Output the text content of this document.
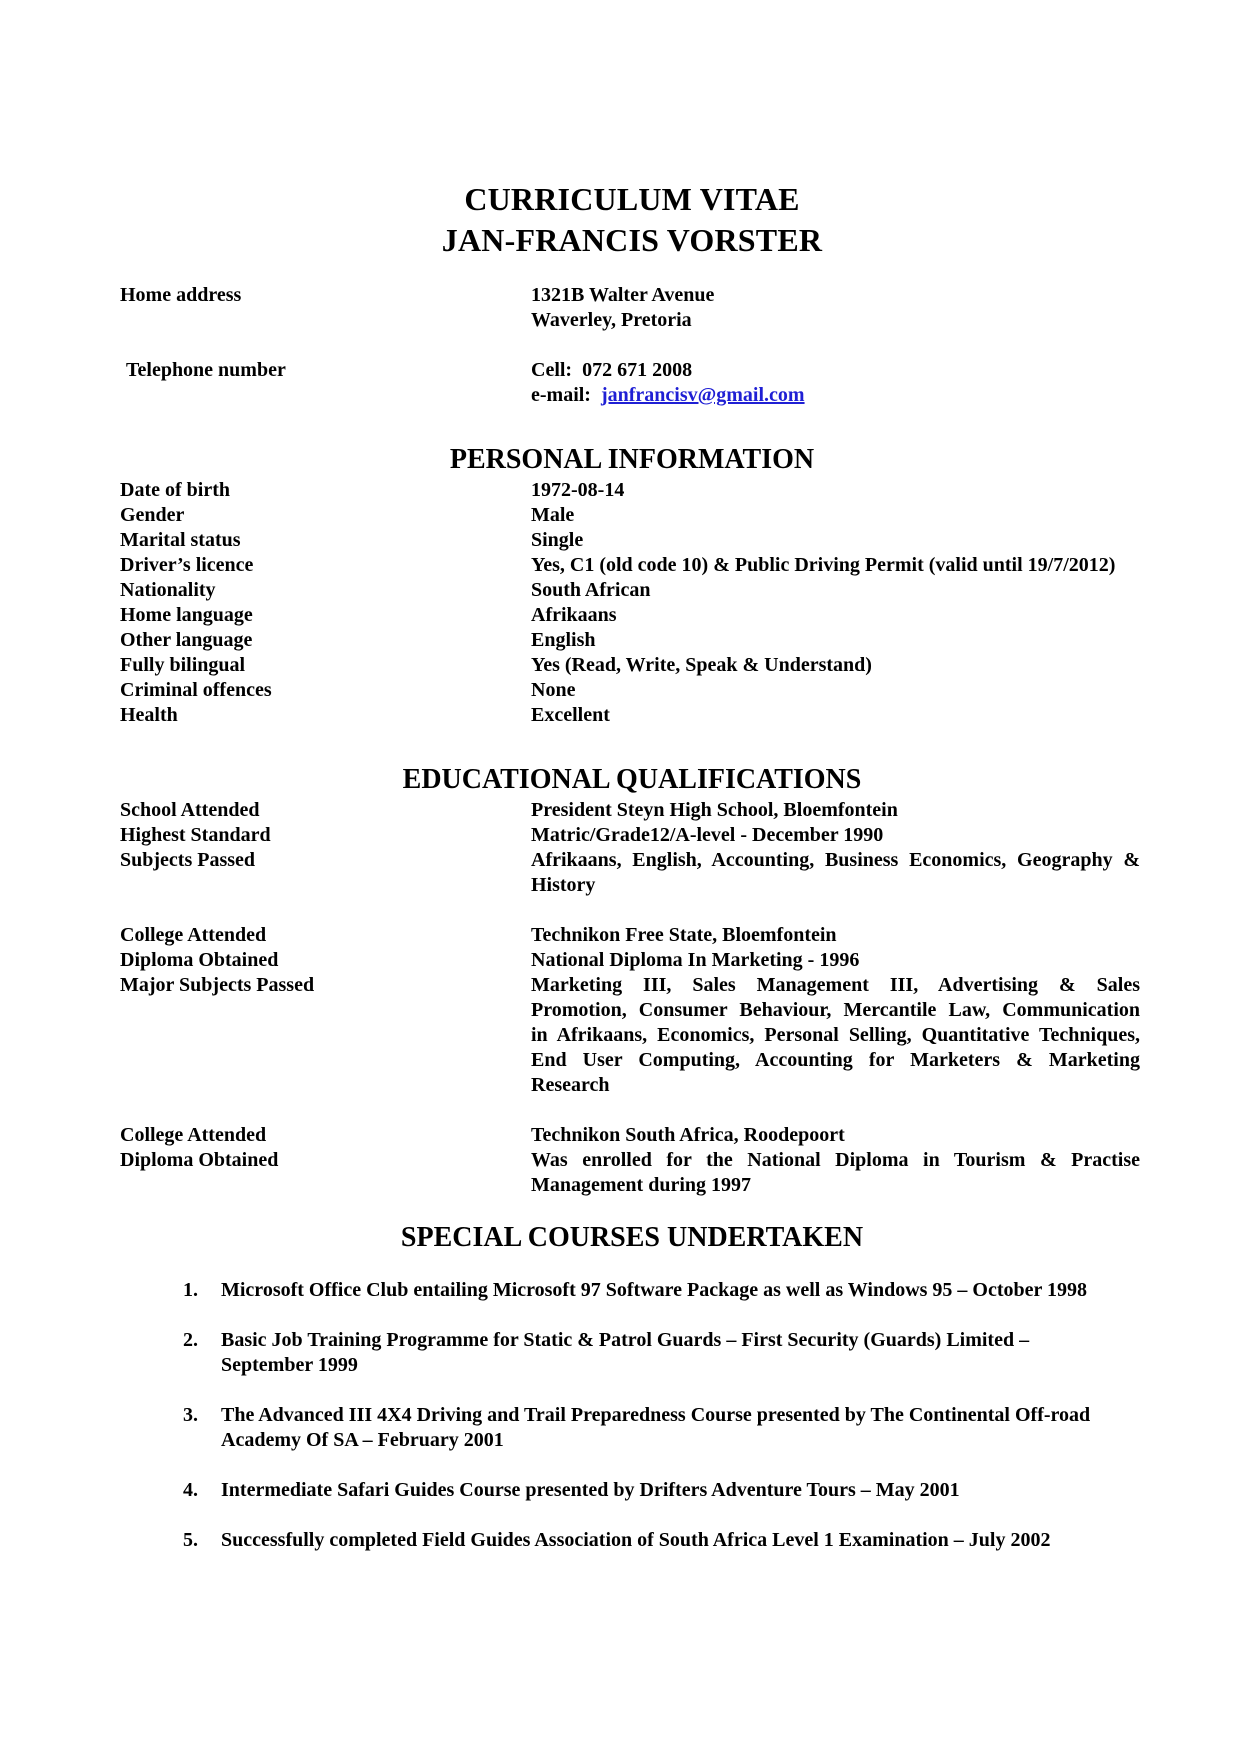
CURRICULUM VITAE
JAN-FRANCIS VORSTER
Home address	1321B Walter Avenue
Waverley, Pretoria
Telephone number	Cell: 072 671 2008
e-mail: janfrancisv@gmail.com
PERSONAL INFORMATION
Date of birth	1972-08-14
Gender	Male
Marital status	Single
Driver’s licence	Yes, C1 (old code 10) & Public Driving Permit (valid until 19/7/2012)
Nationality	South African
Home language	Afrikaans
Other language	English
Fully bilingual	Yes (Read, Write, Speak & Understand)
Criminal offences	None
Health	Excellent
EDUCATIONAL QUALIFICATIONS
School Attended	President Steyn High School, Bloemfontein
Highest Standard	Matric/Grade12/A-level - December 1990
Subjects Passed	Afrikaans, English, Accounting, Business Economics, Geography &
History
College Attended	Technikon Free State, Bloemfontein
Diploma Obtained	National Diploma In Marketing - 1996
Major Subjects Passed	Marketing III, Sales Management III, Advertising & Sales
Promotion, Consumer Behaviour, Mercantile Law, Communication
in Afrikaans, Economics, Personal Selling, Quantitative Techniques,
End User Computing, Accounting for Marketers & Marketing
Research
College Attended	Technikon South Africa, Roodepoort
Diploma Obtained	Was enrolled for the National Diploma in Tourism & Practise
Management during 1997
SPECIAL COURSES UNDERTAKEN
1. Microsoft Office Club entailing Microsoft 97 Software Package as well as Windows 95 – October 1998
2. Basic Job Training Programme for Static & Patrol Guards – First Security (Guards) Limited –
September 1999
3. The Advanced III 4X4 Driving and Trail Preparedness Course presented by The Continental Off-road
Academy Of SA – February 2001
4. Intermediate Safari Guides Course presented by Drifters Adventure Tours – May 2001
5. Successfully completed Field Guides Association of South Africa Level 1 Examination – July 2002
